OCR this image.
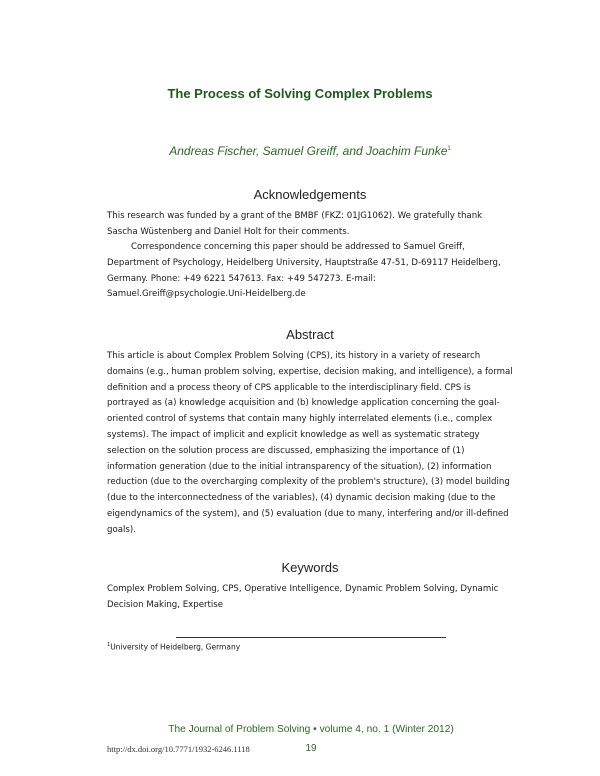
The Process of Solving Complex Problems
Andreas Fischer, Samuel Greiff, and Joachim Funke$^1$
Acknowledgements

This research was funded by a grant of the BMBF (FKZ: 01JG1062). We gratefully thank Sascha Wüstenberg and Daniel Holt for their comments.

Correspondence concerning this paper should be addressed to Samuel Greiff, Department of Psychology, Heidelberg University, Hauptstraße 47-51, D-69117 Heidelberg, Germany. Phone: +49 6221 547613. Fax: +49 547273. E-mail: Samuel.Greiff@psychologie.Uni-Heidelberg.de

Abstract

This article is about Complex Problem Solving (CPS), its history in a variety of research domains (e.g., human problem solving, expertise, decision making, and intelligence), a formal definition and a process theory of CPS applicable to the interdisciplinary field. CPS is portrayed as (a) knowledge acquisition and (b) knowledge application concerning the goal-oriented control of systems that contain many highly interrelated elements (i.e., complex systems). The impact of implicit and explicit knowledge as well as systematic strategy selection on the solution process are discussed, emphasizing the importance of (1) information generation (due to the initial intransparency of the situation), (2) information reduction (due to the overcharging complexity of the problem's structure), (3) model building (due to the interconnectedness of the variables), (4) dynamic decision making (due to the eigendynamics of the system), and (5) evaluation (due to many, interfering and/or ill-defined goals).

Keywords

Complex Problem Solving, CPS, Operative Intelligence, Dynamic Problem Solving, Dynamic Decision Making, Expertise

$^1$University of Heidelberg, Germany
The Journal of Problem Solving • volume 4, no. 1 (Winter 2012)
http://dx.doi.org/10.7771/1932-6246.1118	19
